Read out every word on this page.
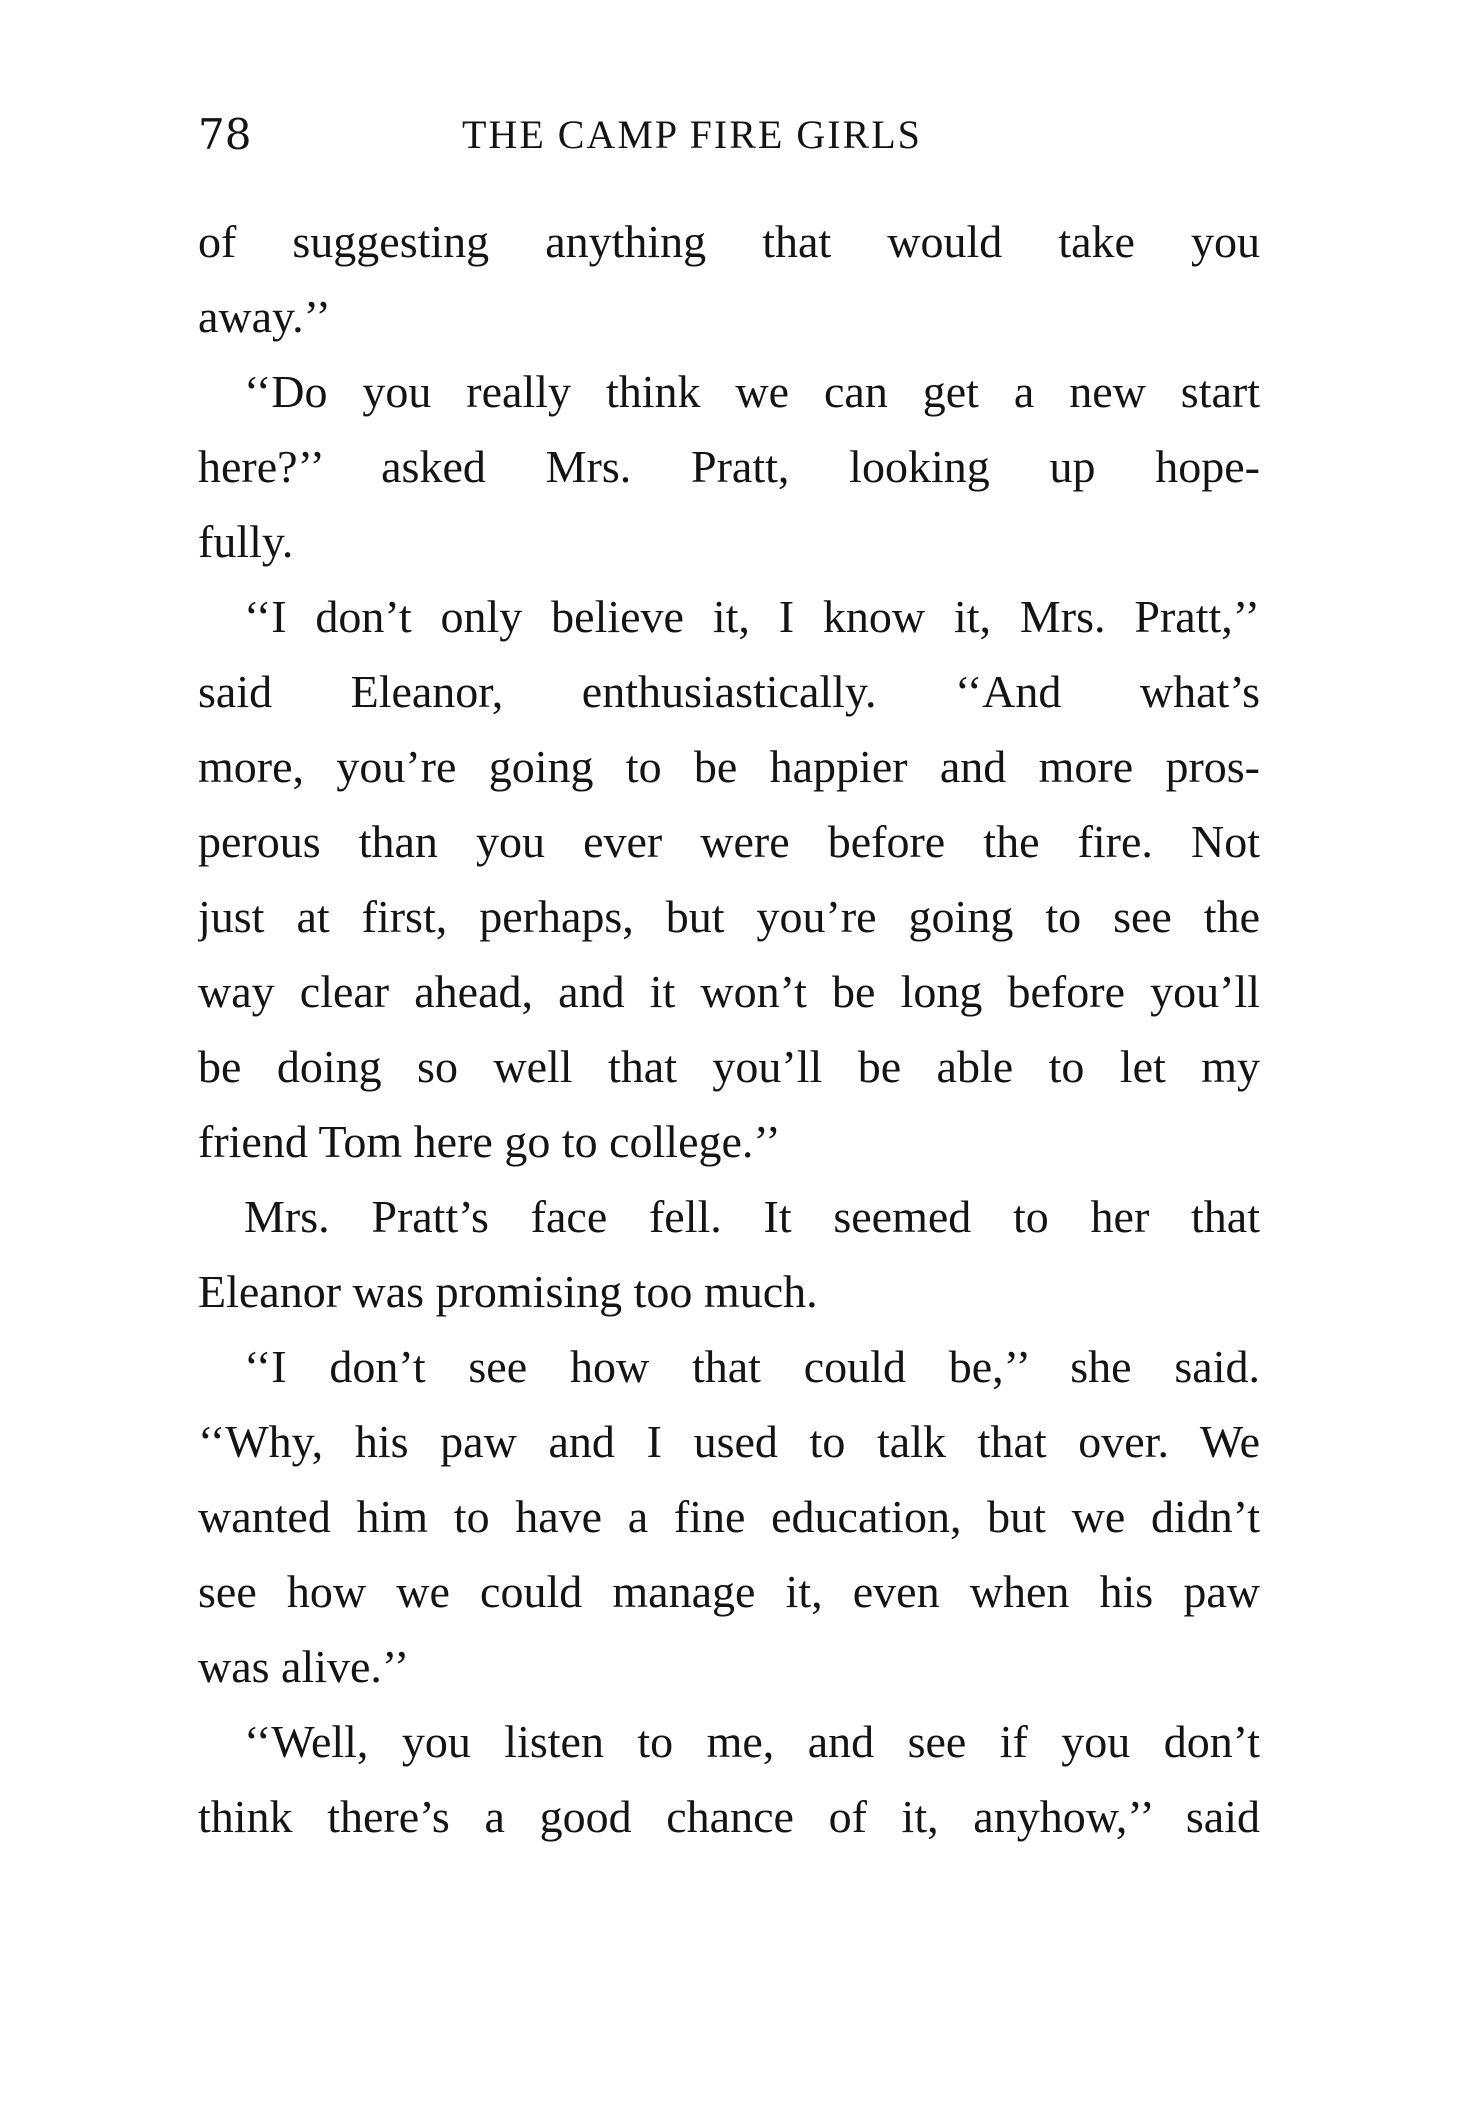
78	THE CAMP FIRE GIRLS
of suggesting anything that would take you
away.’’
‘‘Do you really think we can get a new start
here?’’ asked Mrs. Pratt, looking up hope-
fully.
‘‘I don’t only believe it, I know it, Mrs. Pratt,’’
said Eleanor, enthusiastically. ‘‘And what’s
more, you’re going to be happier and more pros-
perous than you ever were before the fire. Not
just at first, perhaps, but you’re going to see the
way clear ahead, and it won’t be long before you’ll
be doing so well that you’ll be able to let my
friend Tom here go to college.’’
Mrs. Pratt’s face fell. It seemed to her that
Eleanor was promising too much.
‘‘I don’t see how that could be,’’ she said.
‘‘Why, his paw and I used to talk that over. We
wanted him to have a fine education, but we didn’t
see how we could manage it, even when his paw
was alive.’’
‘‘Well, you listen to me, and see if you don’t
think there’s a good chance of it, anyhow,’’ said
